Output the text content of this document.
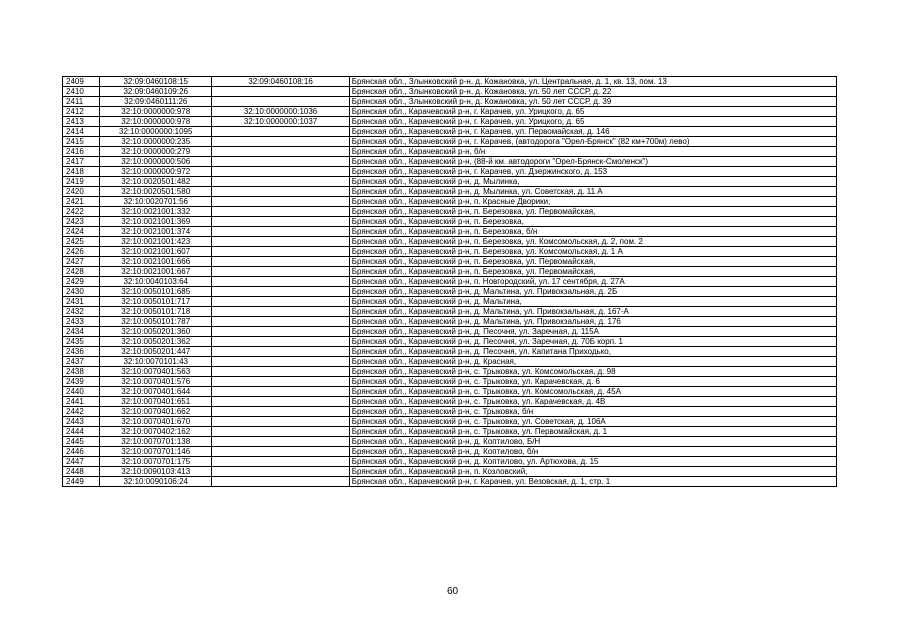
2409	32:09:0460108:15	32:09:0460108:16	Брянская обл., Злынковский р-н, д. Кожановка, ул. Центральная, д. 1, кв. 13, пом. 13
2410	32:09:0460109:26		Брянская обл., Злынковский р-н, д. Кожановка, ул. 50 лет СССР, д. 22
2411	32:09:0460111:26		Брянская обл., Злынковский р-н, д. Кожановка, ул. 50 лет СССР, д. 39
2412	32:10:0000000:978	32:10:0000000:1036	Брянская обл., Карачевский р-н, г. Карачев, ул. Урицкого, д. 65
2413	32:10:0000000:978	32:10:0000000:1037	Брянская обл., Карачевский р-н, г. Карачев, ул. Урицкого, д. 65
2414	32:10:0000000:1095		Брянская обл., Карачевский р-н, г. Карачев, ул. Первомайская, д. 146
2415	32:10:0000000:235		Брянская обл., Карачевский р-н, г. Карачев, (автодорога "Орел-Брянск" (82 км+700м) лево)
2416	32:10:0000000:279		Брянская обл., Карачевский р-н, б/н
2417	32:10:0000000:506		Брянская обл., Карачевский р-н, (88-й км. автодороги "Орел-Брянск-Смоленск")
2418	32:10:0000000:972		Брянская обл., Карачевский р-н, г. Карачев, ул. Дзержинского, д. 153
2419	32:10:0020501:482		Брянская обл., Карачевский р-н, д. Мылинка,
2420	32:10:0020501:580		Брянская обл., Карачевский р-н, д. Мылинка, ул. Советская, д. 11 А
2421	32:10:0020701:56		Брянская обл., Карачевский р-н, п. Красные Дворики,
2422	32:10:0021001:332		Брянская обл., Карачевский р-н, п. Березовка, ул. Первомайская,
2423	32:10:0021001:369		Брянская обл., Карачевский р-н, п. Березовка,
2424	32:10:0021001:374		Брянская обл., Карачевский р-н, п. Березовка, б/н
2425	32:10:0021001:423		Брянская обл., Карачевский р-н, п. Березовка, ул. Комсомольская, д. 2, пом. 2
2426	32:10:0021001:607		Брянская обл., Карачевский р-н, п. Березовка, ул. Комсомольская, д. 1 А
2427	32:10:0021001:666		Брянская обл., Карачевский р-н, п. Березовка, ул. Первомайская,
2428	32:10:0021001:667		Брянская обл., Карачевский р-н, п. Березовка, ул. Первомайская,
2429	32:10:0040103:64		Брянская обл., Карачевский р-н, п. Новгородский, ул. 17 сентября, д. 27А
2430	32:10:0050101:685		Брянская обл., Карачевский р-н, д. Мальтина, ул. Привокзальная, д. 2Б
2431	32:10:0050101:717		Брянская обл., Карачевский р-н, д. Мальтина,
2432	32:10:0050101:718		Брянская обл., Карачевский р-н, д. Мальтина, ул. Привокзальная, д. 167-А
2433	32:10:0050101:787		Брянская обл., Карачевский р-н, д. Мальтина, ул. Привокзальная, д. 176
2434	32:10:0050201:360		Брянская обл., Карачевский р-н, д. Песочня, ул. Заречная, д. 115А
2435	32:10:0050201:362		Брянская обл., Карачевский р-н, д. Песочня, ул. Заречная, д. 70Б корп. 1
2436	32:10:0050201:447		Брянская обл., Карачевский р-н, д. Песочня, ул. Капитана Приходько,
2437	32:10:0070101:43		Брянская обл., Карачевский р-н, д. Красная,
2438	32:10:0070401:563		Брянская обл., Карачевский р-н, с. Трыковка, ул. Комсомольская, д. 98
2439	32:10:0070401:576		Брянская обл., Карачевский р-н, с. Трыковка, ул. Карачевская, д. 6
2440	32:10:0070401:644		Брянская обл., Карачевский р-н, с. Трыковка, ул. Комсомольская, д. 45А
2441	32:10:0070401:651		Брянская обл., Карачевский р-н, с. Трыковка, ул. Карачевская, д. 4В
2442	32:10:0070401:662		Брянская обл., Карачевский р-н, с. Трыковка, б/н
2443	32:10:0070401:670		Брянская обл., Карачевский р-н, с. Трыковка, ул. Советская, д. 106А
2444	32:10:0070402:162		Брянская обл., Карачевский р-н, с. Трыковка, ул. Первомайская, д. 1
2445	32:10:0070701:138		Брянская обл., Карачевский р-н, д. Коптилово, Б/Н
2446	32:10:0070701:146		Брянская обл., Карачевский р-н, д. Коптилово, б/н
2447	32:10:0070701:175		Брянская обл., Карачевский р-н, д. Коптилово, ул. Артюхова, д. 15
2448	32:10:0090103:413		Брянская обл., Карачевский р-н, п. Козловский,
2449	32:10:0090106:24		Брянская обл., Карачевский р-н, г. Карачев, ул. Везовская, д. 1, стр. 1
60
